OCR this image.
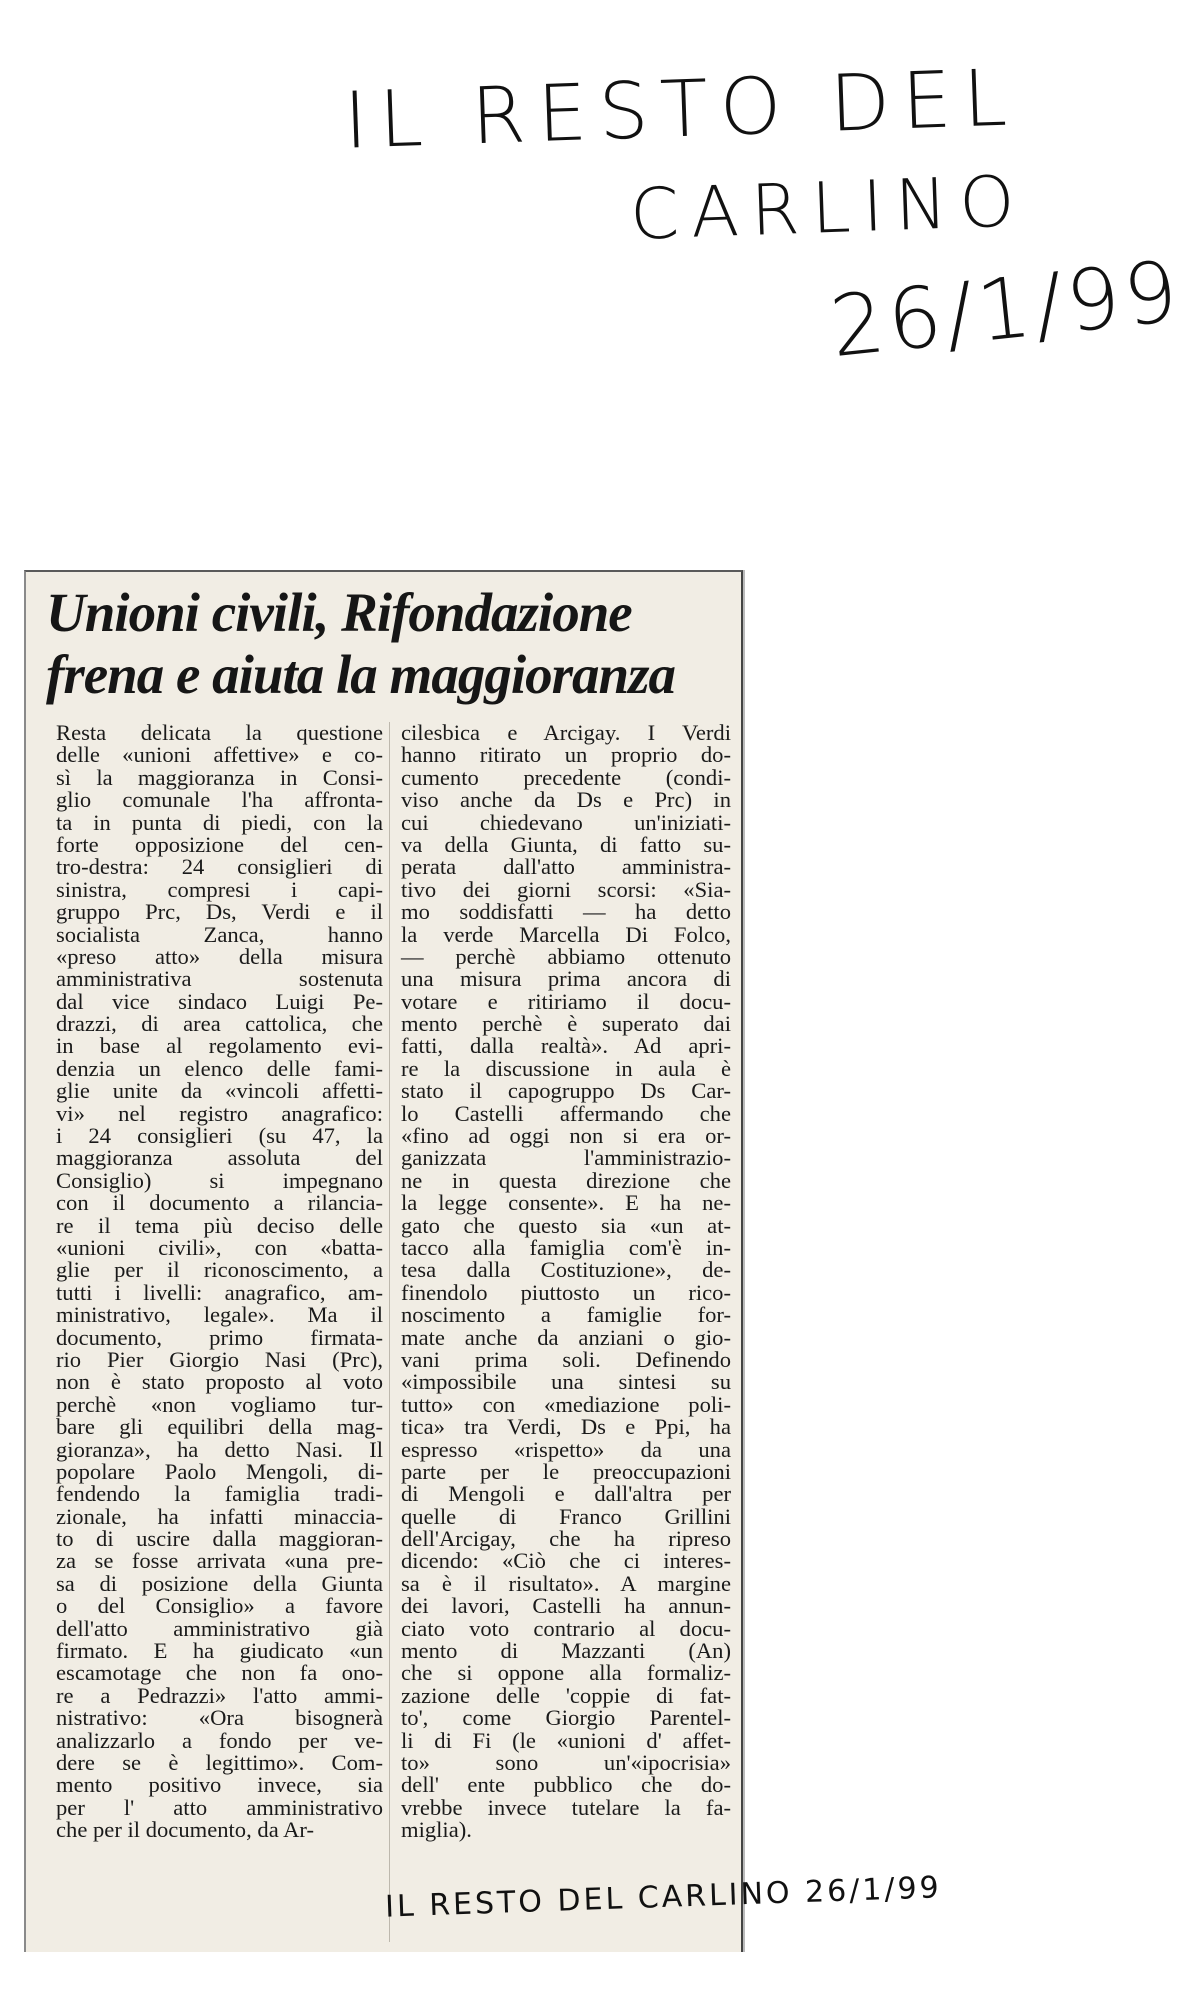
IL RESTO DEL
CARLINO
26/1/99
Unioni civili, Rifondazione
frena e aiuta la maggioranza
Resta delicata la questione
delle «unioni affettive» e co-
sì la maggioranza in Consi-
glio comunale l'ha affronta-
ta in punta di piedi, con la
forte opposizione del cen-
tro-destra: 24 consiglieri di
sinistra, compresi i capi-
gruppo Prc, Ds, Verdi e il
socialista Zanca, hanno
«preso atto» della misura
amministrativa sostenuta
dal vice sindaco Luigi Pe-
drazzi, di area cattolica, che
in base al regolamento evi-
denzia un elenco delle fami-
glie unite da «vincoli affetti-
vi» nel registro anagrafico:
i 24 consiglieri (su 47, la
maggioranza assoluta del
Consiglio) si impegnano
con il documento a rilancia-
re il tema più deciso delle
«unioni civili», con «batta-
glie per il riconoscimento, a
tutti i livelli: anagrafico, am-
ministrativo, legale». Ma il
documento, primo firmata-
rio Pier Giorgio Nasi (Prc),
non è stato proposto al voto
perchè «non vogliamo tur-
bare gli equilibri della mag-
gioranza», ha detto Nasi. Il
popolare Paolo Mengoli, di-
fendendo la famiglia tradi-
zionale, ha infatti minaccia-
to di uscire dalla maggioran-
za se fosse arrivata «una pre-
sa di posizione della Giunta
o del Consiglio» a favore
dell'atto amministrativo già
firmato. E ha giudicato «un
escamotage che non fa ono-
re a Pedrazzi» l'atto ammi-
nistrativo: «Ora bisognerà
analizzarlo a fondo per ve-
dere se è legittimo». Com-
mento positivo invece, sia
per l' atto amministrativo
che per il documento, da Ar-
cilesbica e Arcigay. I Verdi
hanno ritirato un proprio do-
cumento precedente (condi-
viso anche da Ds e Prc) in
cui chiedevano un'iniziati-
va della Giunta, di fatto su-
perata dall'atto amministra-
tivo dei giorni scorsi: «Sia-
mo soddisfatti — ha detto
la verde Marcella Di Folco,
— perchè abbiamo ottenuto
una misura prima ancora di
votare e ritiriamo il docu-
mento perchè è superato dai
fatti, dalla realtà». Ad apri-
re la discussione in aula è
stato il capogruppo Ds Car-
lo Castelli affermando che
«fino ad oggi non si era or-
ganizzata l'amministrazio-
ne in questa direzione che
la legge consente». E ha ne-
gato che questo sia «un at-
tacco alla famiglia com'è in-
tesa dalla Costituzione», de-
finendolo piuttosto un rico-
noscimento a famiglie for-
mate anche da anziani o gio-
vani prima soli. Definendo
«impossibile una sintesi su
tutto» con «mediazione poli-
tica» tra Verdi, Ds e Ppi, ha
espresso «rispetto» da una
parte per le preoccupazioni
di Mengoli e dall'altra per
quelle di Franco Grillini
dell'Arcigay, che ha ripreso
dicendo: «Ciò che ci interes-
sa è il risultato». A margine
dei lavori, Castelli ha annun-
ciato voto contrario al docu-
mento di Mazzanti (An)
che si oppone alla formaliz-
zazione delle 'coppie di fat-
to', come Giorgio Parentel-
li di Fi (le «unioni d' affet-
to» sono un'«ipocrisia»
dell' ente pubblico che do-
vrebbe invece tutelare la fa-
miglia).
IL RESTO DEL CARLINO 26/1/99
